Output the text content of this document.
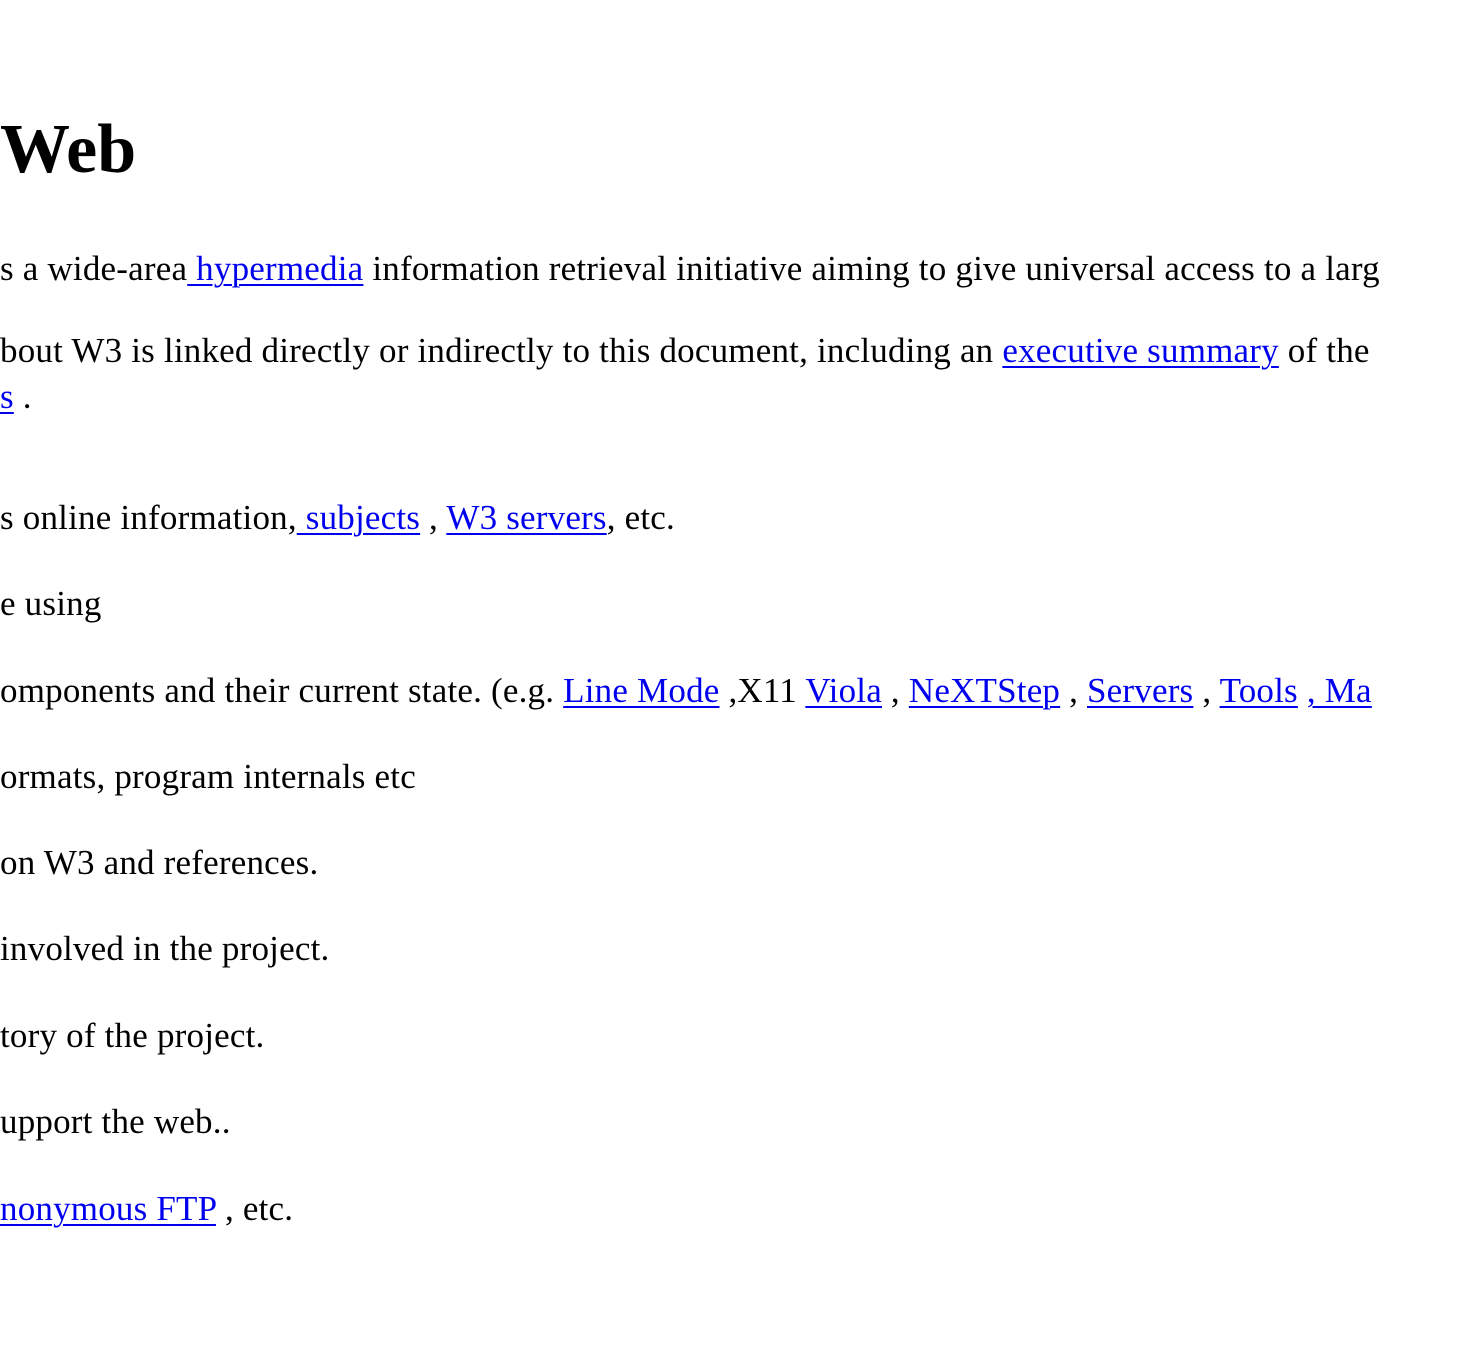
Web

s a wide-area hypermedia information retrieval initiative aiming to give universal access to a larg

bout W3 is linked directly or indirectly to this document, including an executive summary of the

s .

s online information, subjects , W3 servers, etc.

e using

omponents and their current state. (e.g. Line Mode ,X11 Viola , NeXTStep , Servers , Tools , Ma

ormats, program internals etc

on W3 and references.

involved in the project.

tory of the project.

upport the web..

nonymous FTP , etc.
